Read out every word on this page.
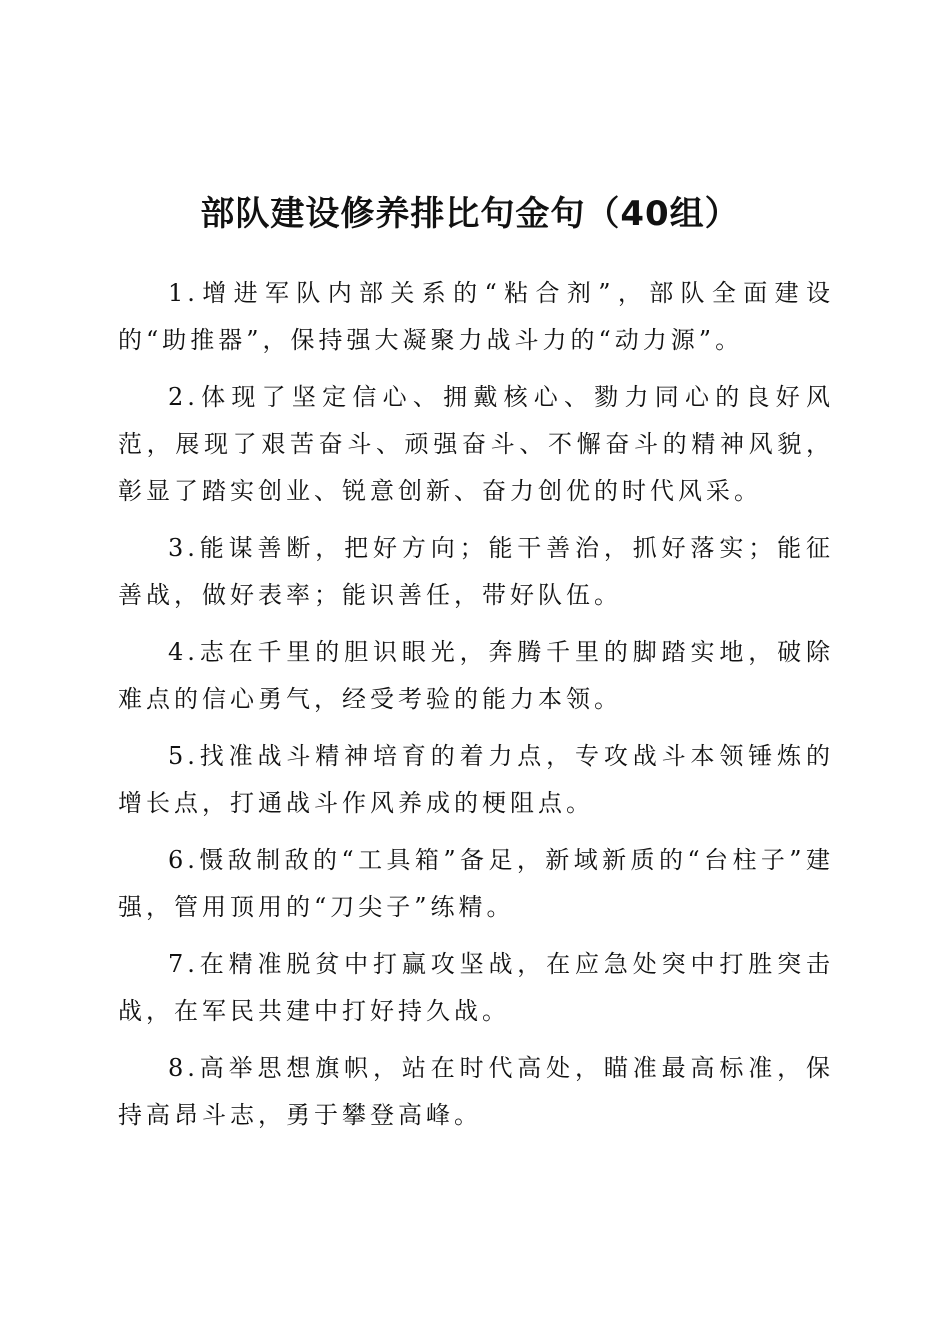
部队建设修养排比句金句（40组）

1.增进军队内部关系的“粘合剂”，部队全面建设的“助推器”，保持强大凝聚力战斗力的“动力源”。

2.体现了坚定信心、拥戴核心、勠力同心的良好风范，展现了艰苦奋斗、顽强奋斗、不懈奋斗的精神风貌，彰显了踏实创业、锐意创新、奋力创优的时代风采。

3.能谋善断，把好方向；能干善治，抓好落实；能征善战，做好表率；能识善任，带好队伍。

4.志在千里的胆识眼光，奔腾千里的脚踏实地，破除难点的信心勇气，经受考验的能力本领。

5.找准战斗精神培育的着力点，专攻战斗本领锤炼的增长点，打通战斗作风养成的梗阻点。

6.慑敌制敌的“工具箱”备足，新域新质的“台柱子”建强，管用顶用的“刀尖子”练精。

7.在精准脱贫中打赢攻坚战，在应急处突中打胜突击战，在军民共建中打好持久战。

8.高举思想旗帜，站在时代高处，瞄准最高标准，保持高昂斗志，勇于攀登高峰。
